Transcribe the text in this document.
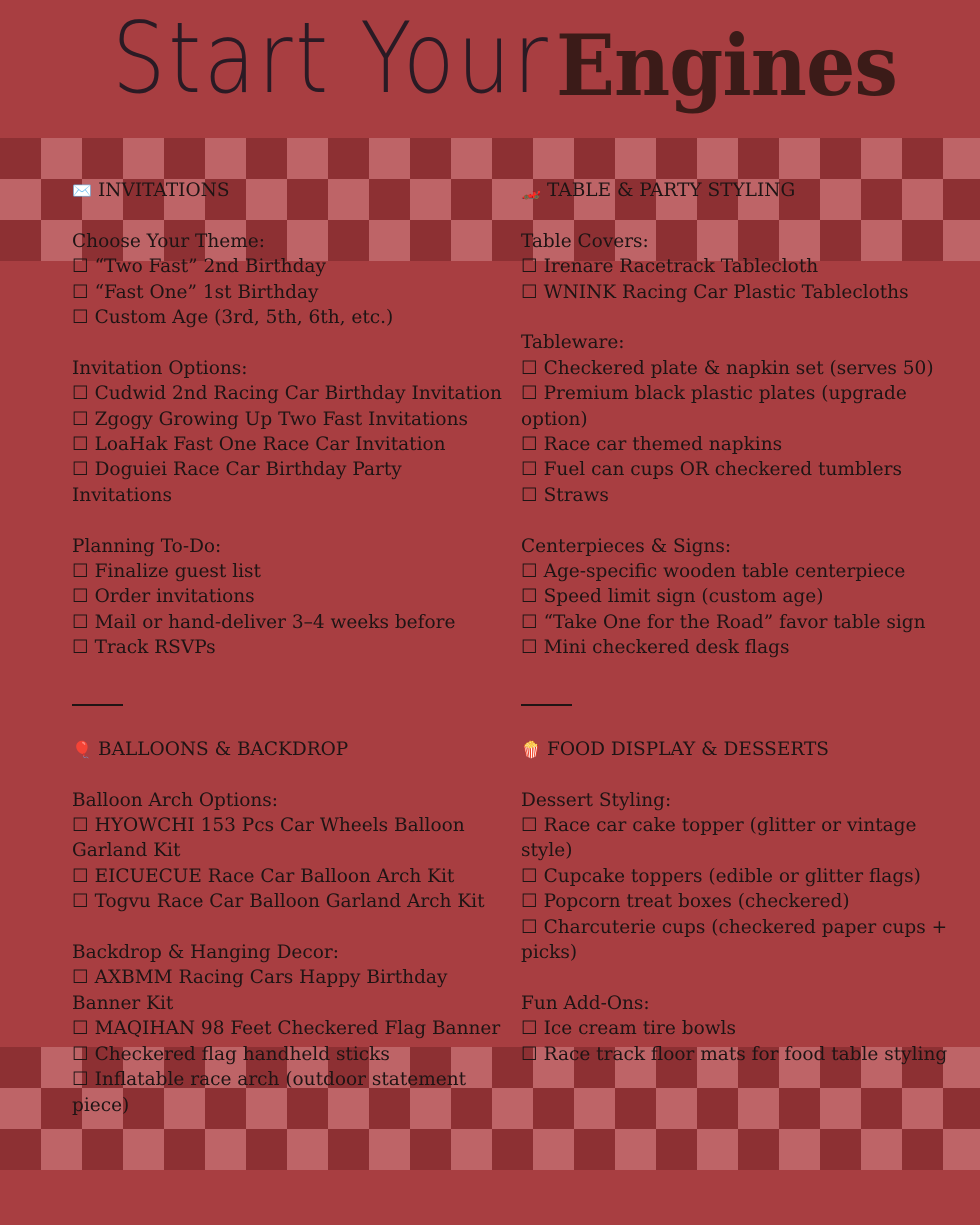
Start Your Engines
✉️ INVITATIONS
Choose Your Theme:
☐ “Two Fast” 2nd Birthday
☐ “Fast One” 1st Birthday
☐ Custom Age (3rd, 5th, 6th, etc.)
Invitation Options:
☐ Cudwid 2nd Racing Car Birthday Invitation
☐ Zgogy Growing Up Two Fast Invitations
☐ LoaHak Fast One Race Car Invitation
☐ Doguiei Race Car Birthday Party Invitations
Planning To-Do:
☐ Finalize guest list
☐ Order invitations
☐ Mail or hand-deliver 3–4 weeks before
☐ Track RSVPs
🎈 BALLOONS & BACKDROP
Balloon Arch Options:
☐ HYOWCHI 153 Pcs Car Wheels Balloon Garland Kit
☐ EICUECUE Race Car Balloon Arch Kit
☐ Togvu Race Car Balloon Garland Arch Kit
Backdrop & Hanging Decor:
☐ AXBMM Racing Cars Happy Birthday Banner Kit
☐ MAQIHAN 98 Feet Checkered Flag Banner
☐ Checkered flag handheld sticks
☐ Inflatable race arch (outdoor statement piece)
🏎️ TABLE & PARTY STYLING
Table Covers:
☐ Irenare Racetrack Tablecloth
☐ WNINK Racing Car Plastic Tablecloths
Tableware:
☐ Checkered plate & napkin set (serves 50)
☐ Premium black plastic plates (upgrade option)
☐ Race car themed napkins
☐ Fuel can cups OR checkered tumblers
☐ Straws
Centerpieces & Signs:
☐ Age-specific wooden table centerpiece
☐ Speed limit sign (custom age)
☐ “Take One for the Road” favor table sign
☐ Mini checkered desk flags
🍿 FOOD DISPLAY & DESSERTS
Dessert Styling:
☐ Race car cake topper (glitter or vintage style)
☐ Cupcake toppers (edible or glitter flags)
☐ Popcorn treat boxes (checkered)
☐ Charcuterie cups (checkered paper cups + picks)
Fun Add-Ons:
☐ Ice cream tire bowls
☐ Race track floor mats for food table styling
